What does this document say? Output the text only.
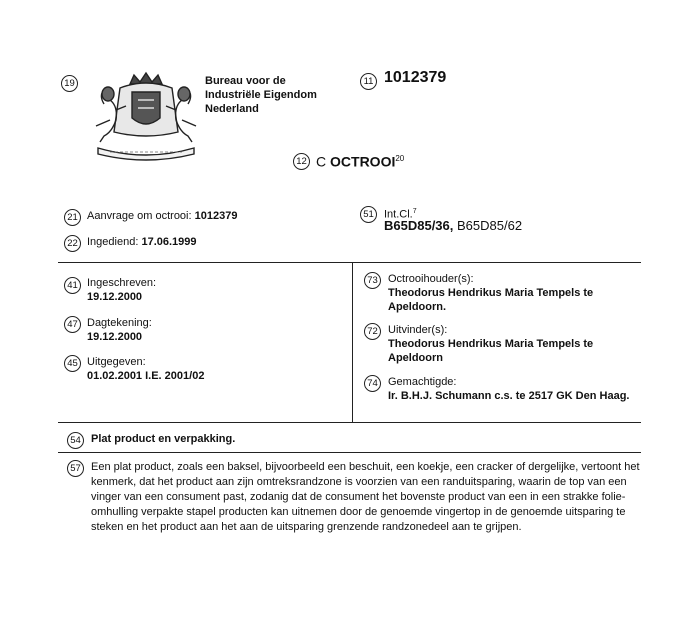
19	Bureau voor de
Industriële Eigendom
Nederland
11 1012379
12 C OCTROOI$^{20}$
21 Aanvrage om octrooi: 1012379
22 Ingediend: 17.06.1999
51 Int.Cl.$^7$
B65D85/36, B65D85/62
41 Ingeschreven:
19.12.2000
47 Dagtekening:
19.12.2000
45 Uitgegeven:
01.02.2001 I.E. 2001/02
73 Octrooihouder(s):
Theodorus Hendrikus Maria Tempels te
Apeldoorn.
72 Uitvinder(s):
Theodorus Hendrikus Maria Tempels te
Apeldoorn
74 Gemachtigde:
Ir. B.H.J. Schumann c.s. te 2517 GK Den Haag.
54 Plat product en verpakking.
57 Een plat product, zoals een baksel, bijvoorbeeld een beschuit, een koekje, een cracker of dergelijke, vertoont het kenmerk, dat het product aan zijn omtreksrandzone is voorzien van een randuitsparing, waarin de top van een vinger van een consument past, zodanig dat de consument het bovenste product van een in een strakke folie-omhulling verpakte stapel producten kan uitnemen door de genoemde vingertop in de genoemde uitsparing te steken en het product aan het aan de uitsparing grenzende randzonedeel aan te grijpen.
